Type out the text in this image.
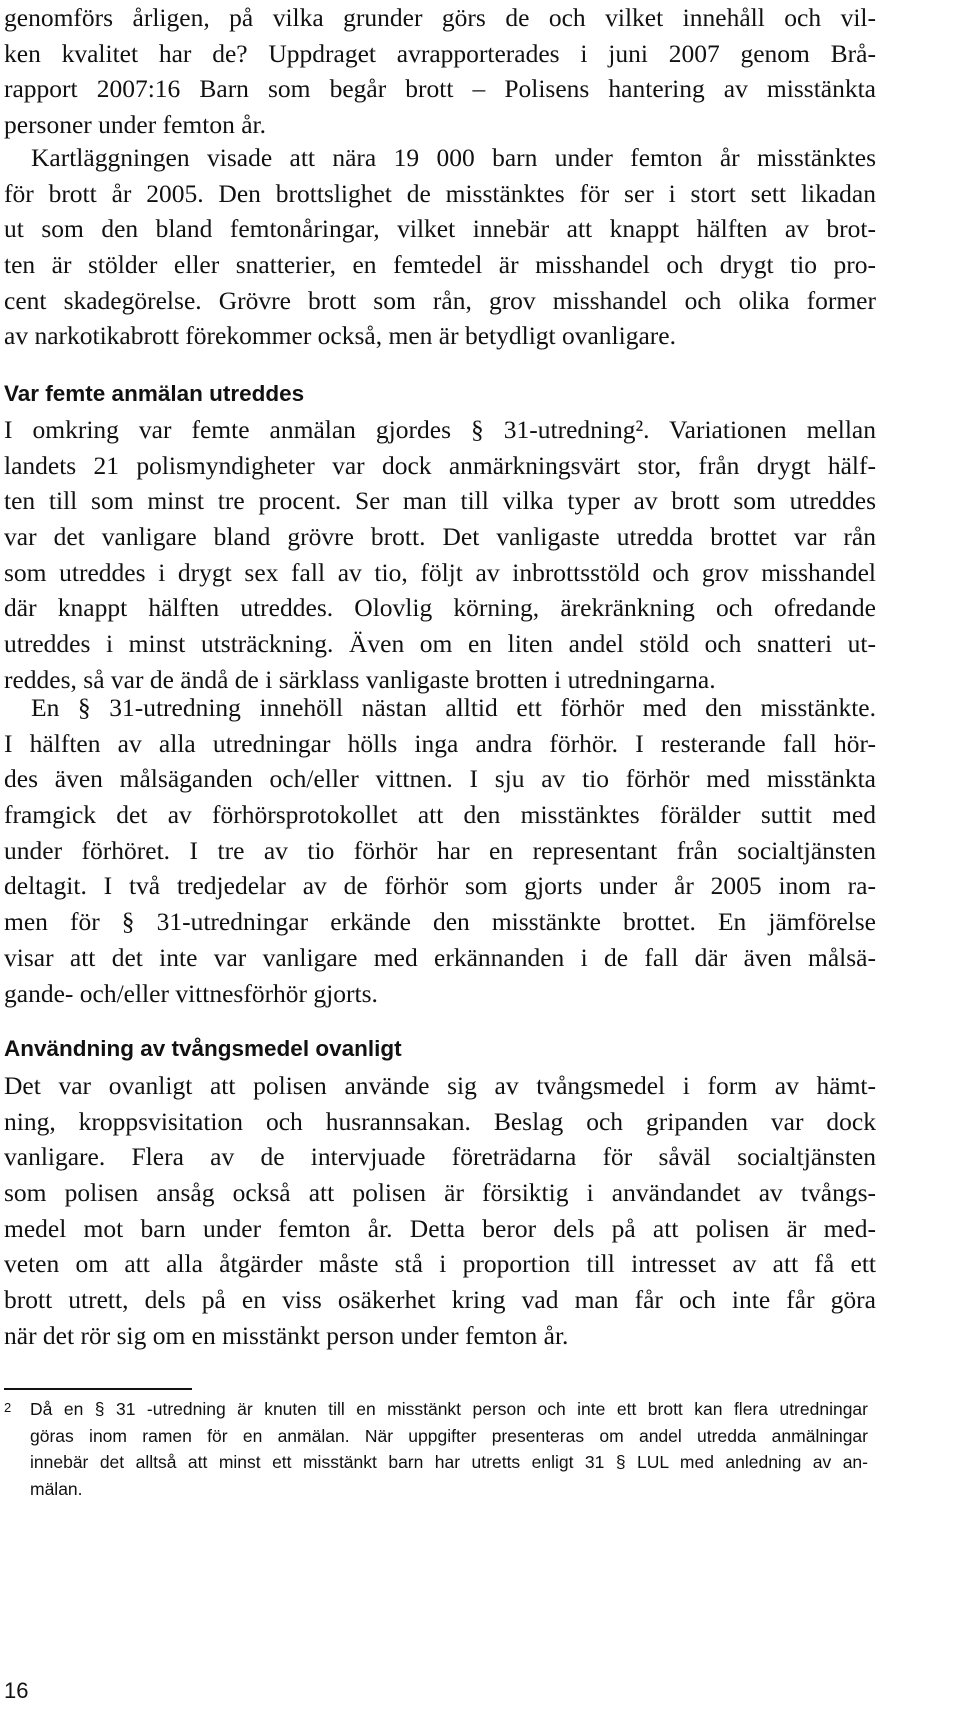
genomförs årligen, på vilka grunder görs de och vilket innehåll och vil-
ken kvalitet har de? Uppdraget avrapporterades i juni 2007 genom Brå-
rapport 2007:16 Barn som begår brott – Polisens hantering av misstänkta
personer under femton år.
Kartläggningen visade att nära 19 000 barn under femton år misstänktes
för brott år 2005. Den brottslighet de misstänktes för ser i stort sett likadan
ut som den bland femtonåringar, vilket innebär att knappt hälften av brot-
ten är stölder eller snatterier, en femtedel är misshandel och drygt tio pro-
cent skadegörelse. Grövre brott som rån, grov misshandel och olika former
av narkotikabrott förekommer också, men är betydligt ovanligare.
Var femte anmälan utreddes
I omkring var femte anmälan gjordes § 31-utredning². Variationen mellan
landets 21 polismyndigheter var dock anmärkningsvärt stor, från drygt hälf-
ten till som minst tre procent. Ser man till vilka typer av brott som utreddes
var det vanligare bland grövre brott. Det vanligaste utredda brottet var rån
som utreddes i drygt sex fall av tio, följt av inbrottsstöld och grov misshandel
där knappt hälften utreddes. Olovlig körning, ärekränkning och ofredande
utreddes i minst utsträckning. Även om en liten andel stöld och snatteri ut-
reddes, så var de ändå de i särklass vanligaste brotten i utredningarna.
En § 31-utredning innehöll nästan alltid ett förhör med den misstänkte.
I hälften av alla utredningar hölls inga andra förhör. I resterande fall hör-
des även målsäganden och/eller vittnen. I sju av tio förhör med misstänkta
framgick det av förhörsprotokollet att den misstänktes förälder suttit med
under förhöret. I tre av tio förhör har en representant från socialtjänsten
deltagit. I två tredjedelar av de förhör som gjorts under år 2005 inom ra-
men för § 31-utredningar erkände den misstänkte brottet. En jämförelse
visar att det inte var vanligare med erkännanden i de fall där även målsä-
gande- och/eller vittnesförhör gjorts.
Användning av tvångsmedel ovanligt
Det var ovanligt att polisen använde sig av tvångsmedel i form av hämt-
ning, kroppsvisitation och husrannsakan. Beslag och gripanden var dock
vanligare. Flera av de intervjuade företrädarna för såväl socialtjänsten
som polisen ansåg också att polisen är försiktig i användandet av tvångs-
medel mot barn under femton år. Detta beror dels på att polisen är med-
veten om att alla åtgärder måste stå i proportion till intresset av att få ett
brott utrett, dels på en viss osäkerhet kring vad man får och inte får göra
när det rör sig om en misstänkt person under femton år.
2 Då en § 31 -utredning är knuten till en misstänkt person och inte ett brott kan flera utredningar
göras inom ramen för en anmälan. När uppgifter presenteras om andel utredda anmälningar
innebär det alltså att minst ett misstänkt barn har utretts enligt 31 § LUL med anledning av an-
mälan.
16
